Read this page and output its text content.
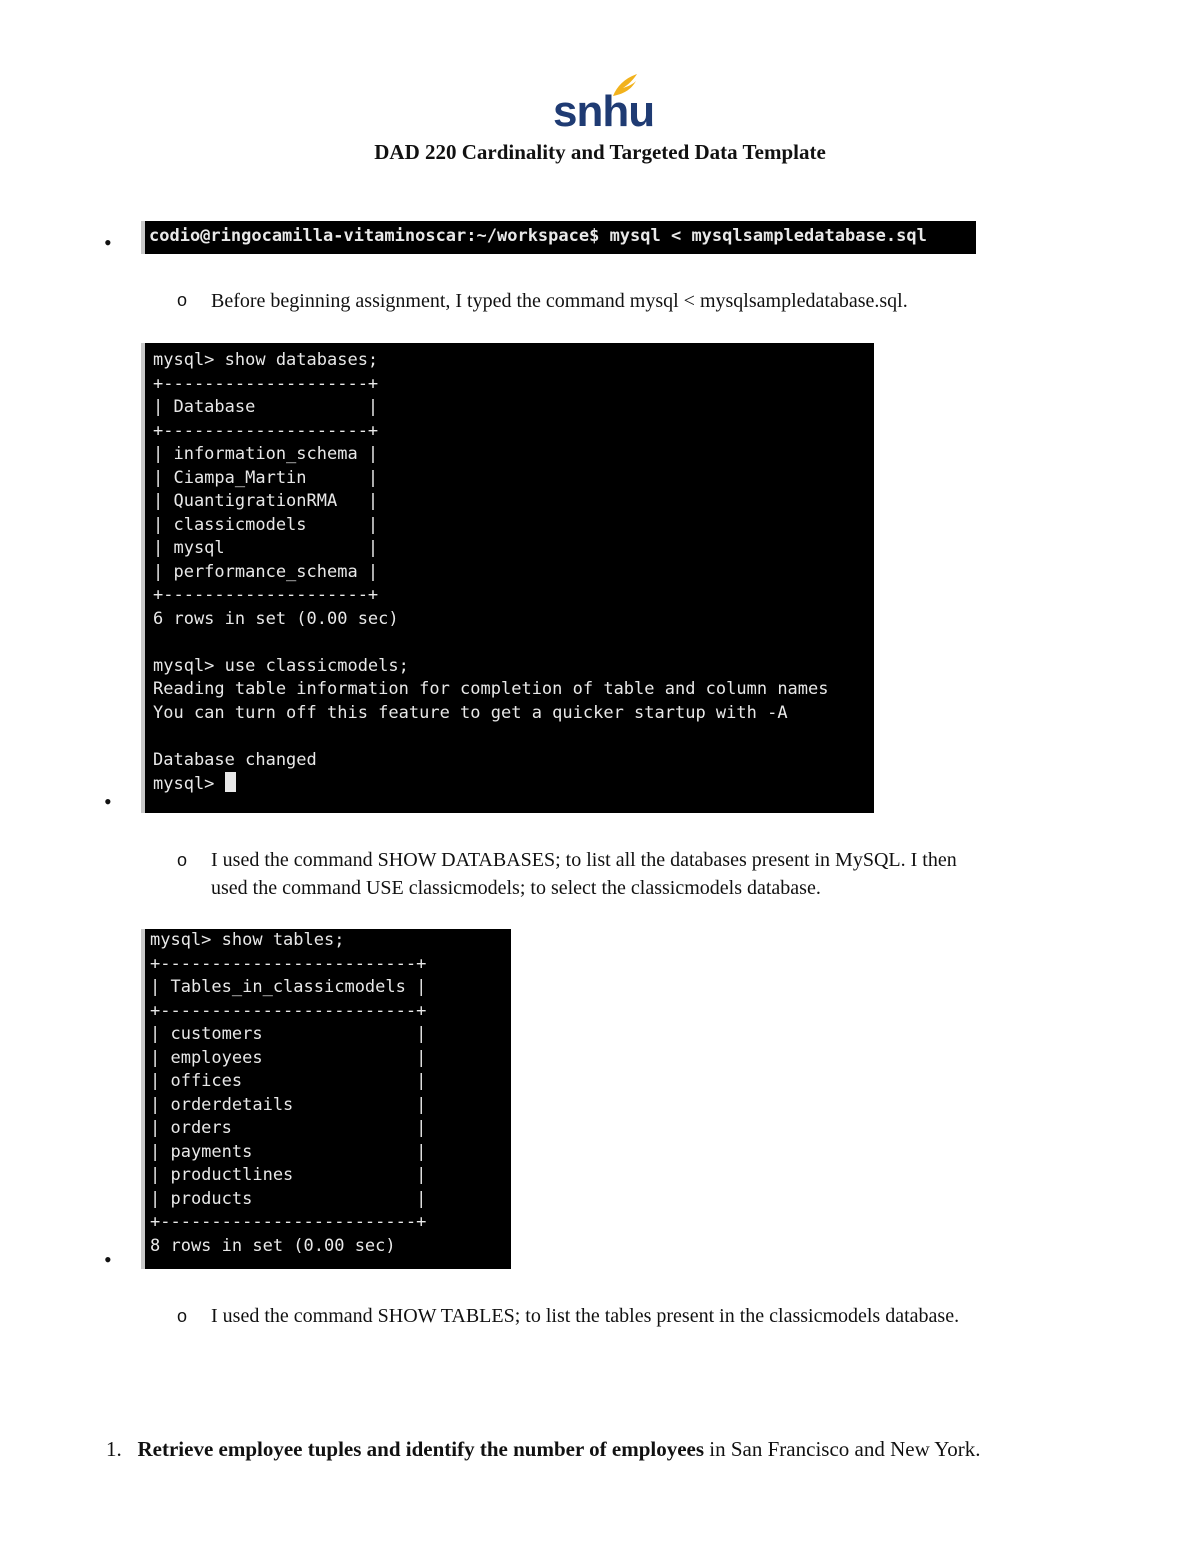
snhu
DAD 220 Cardinality and Targeted Data Template
• codio@ringocamilla-vitaminoscar:~/workspace$ mysql < mysqlsampledatabase.sql
o Before beginning assignment, I typed the command mysql < mysqlsampledatabase.sql.
•
mysql> show databases;
+--------------------+
| Database           |
+--------------------+
| information_schema |
| Ciampa_Martin      |
| QuantigrationRMA   |
| classicmodels      |
| mysql              |
| performance_schema |
+--------------------+
6 rows in set (0.00 sec)

mysql> use classicmodels;
Reading table information for completion of table and column names
You can turn off this feature to get a quicker startup with -A

Database changed
mysql>
o I used the command SHOW DATABASES; to list all the databases present in MySQL. I then
used the command USE classicmodels; to select the classicmodels database.
•
mysql> show tables;
+-------------------------+
| Tables_in_classicmodels |
+-------------------------+
| customers               |
| employees               |
| offices                 |
| orderdetails            |
| orders                  |
| payments                |
| productlines            |
| products                |
+-------------------------+
8 rows in set (0.00 sec)
o I used the command SHOW TABLES; to list the tables present in the classicmodels database.
1. Retrieve employee tuples and identify the number of employees in San Francisco and New York.
